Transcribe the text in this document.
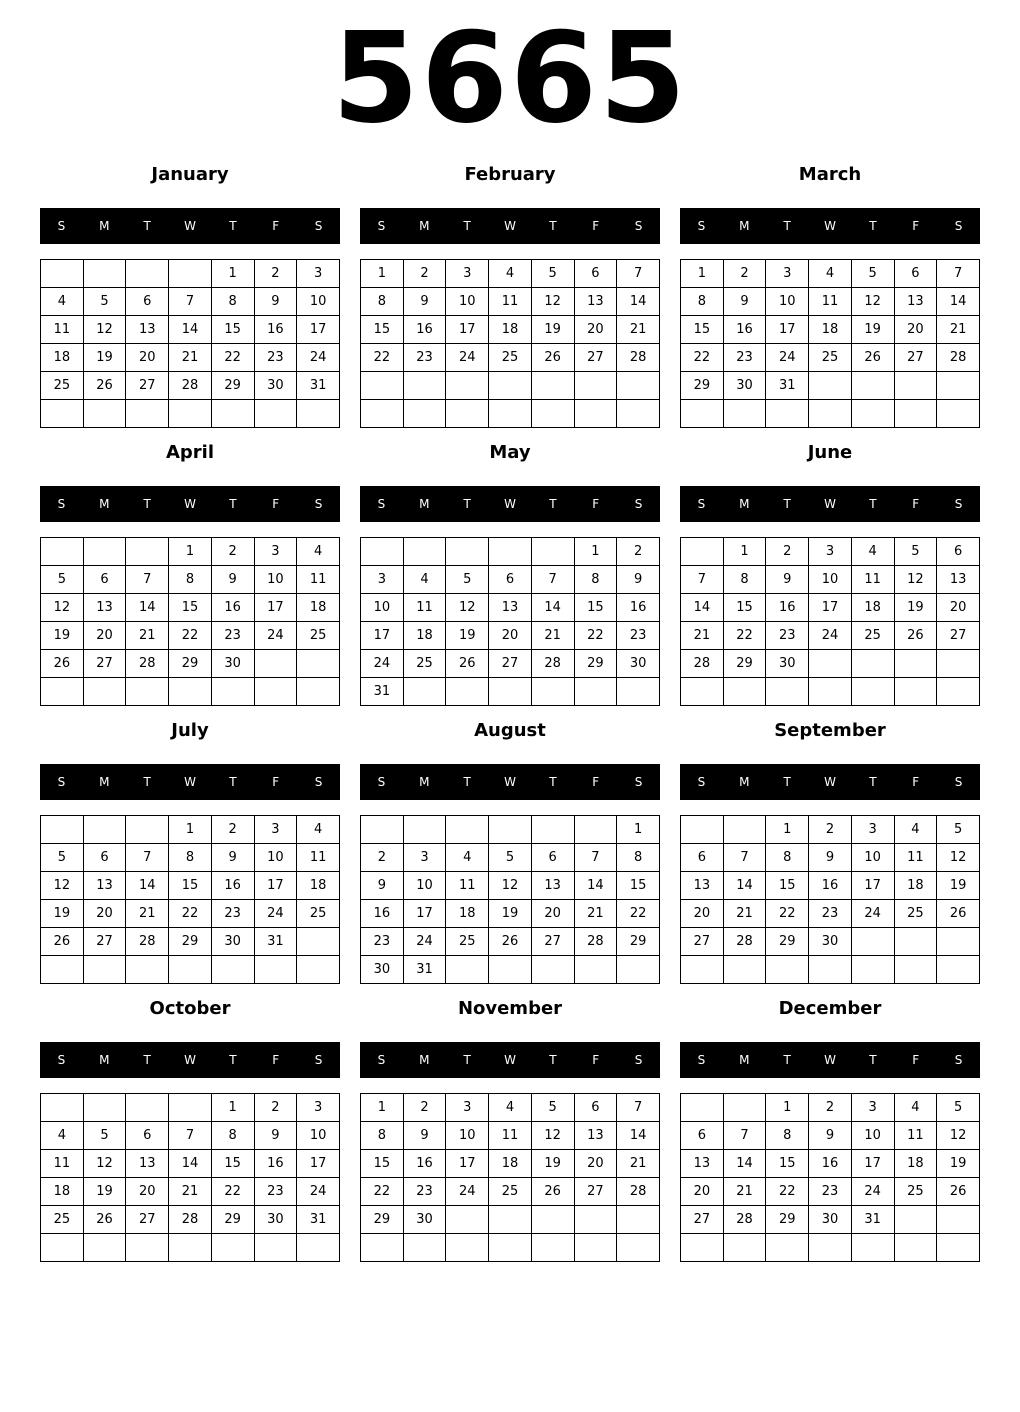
5665
January
S	M	T	W	T	F	S
				1	2	3
4	5	6	7	8	9	10
11	12	13	14	15	16	17
18	19	20	21	22	23	24
25	26	27	28	29	30	31

February
S	M	T	W	T	F	S
1	2	3	4	5	6	7
8	9	10	11	12	13	14
15	16	17	18	19	20	21
22	23	24	25	26	27	28

March
S	M	T	W	T	F	S
1	2	3	4	5	6	7
8	9	10	11	12	13	14
15	16	17	18	19	20	21
22	23	24	25	26	27	28
29	30	31				

April
S	M	T	W	T	F	S
			1	2	3	4
5	6	7	8	9	10	11
12	13	14	15	16	17	18
19	20	21	22	23	24	25
26	27	28	29	30		

May
S	M	T	W	T	F	S
					1	2
3	4	5	6	7	8	9
10	11	12	13	14	15	16
17	18	19	20	21	22	23
24	25	26	27	28	29	30
31						
June
S	M	T	W	T	F	S
	1	2	3	4	5	6
7	8	9	10	11	12	13
14	15	16	17	18	19	20
21	22	23	24	25	26	27
28	29	30				

July
S	M	T	W	T	F	S
			1	2	3	4
5	6	7	8	9	10	11
12	13	14	15	16	17	18
19	20	21	22	23	24	25
26	27	28	29	30	31	

August
S	M	T	W	T	F	S
						1
2	3	4	5	6	7	8
9	10	11	12	13	14	15
16	17	18	19	20	21	22
23	24	25	26	27	28	29
30	31					
September
S	M	T	W	T	F	S
		1	2	3	4	5
6	7	8	9	10	11	12
13	14	15	16	17	18	19
20	21	22	23	24	25	26
27	28	29	30			

October
S	M	T	W	T	F	S
				1	2	3
4	5	6	7	8	9	10
11	12	13	14	15	16	17
18	19	20	21	22	23	24
25	26	27	28	29	30	31

November
S	M	T	W	T	F	S
1	2	3	4	5	6	7
8	9	10	11	12	13	14
15	16	17	18	19	20	21
22	23	24	25	26	27	28
29	30					

December
S	M	T	W	T	F	S
		1	2	3	4	5
6	7	8	9	10	11	12
13	14	15	16	17	18	19
20	21	22	23	24	25	26
27	28	29	30	31		
